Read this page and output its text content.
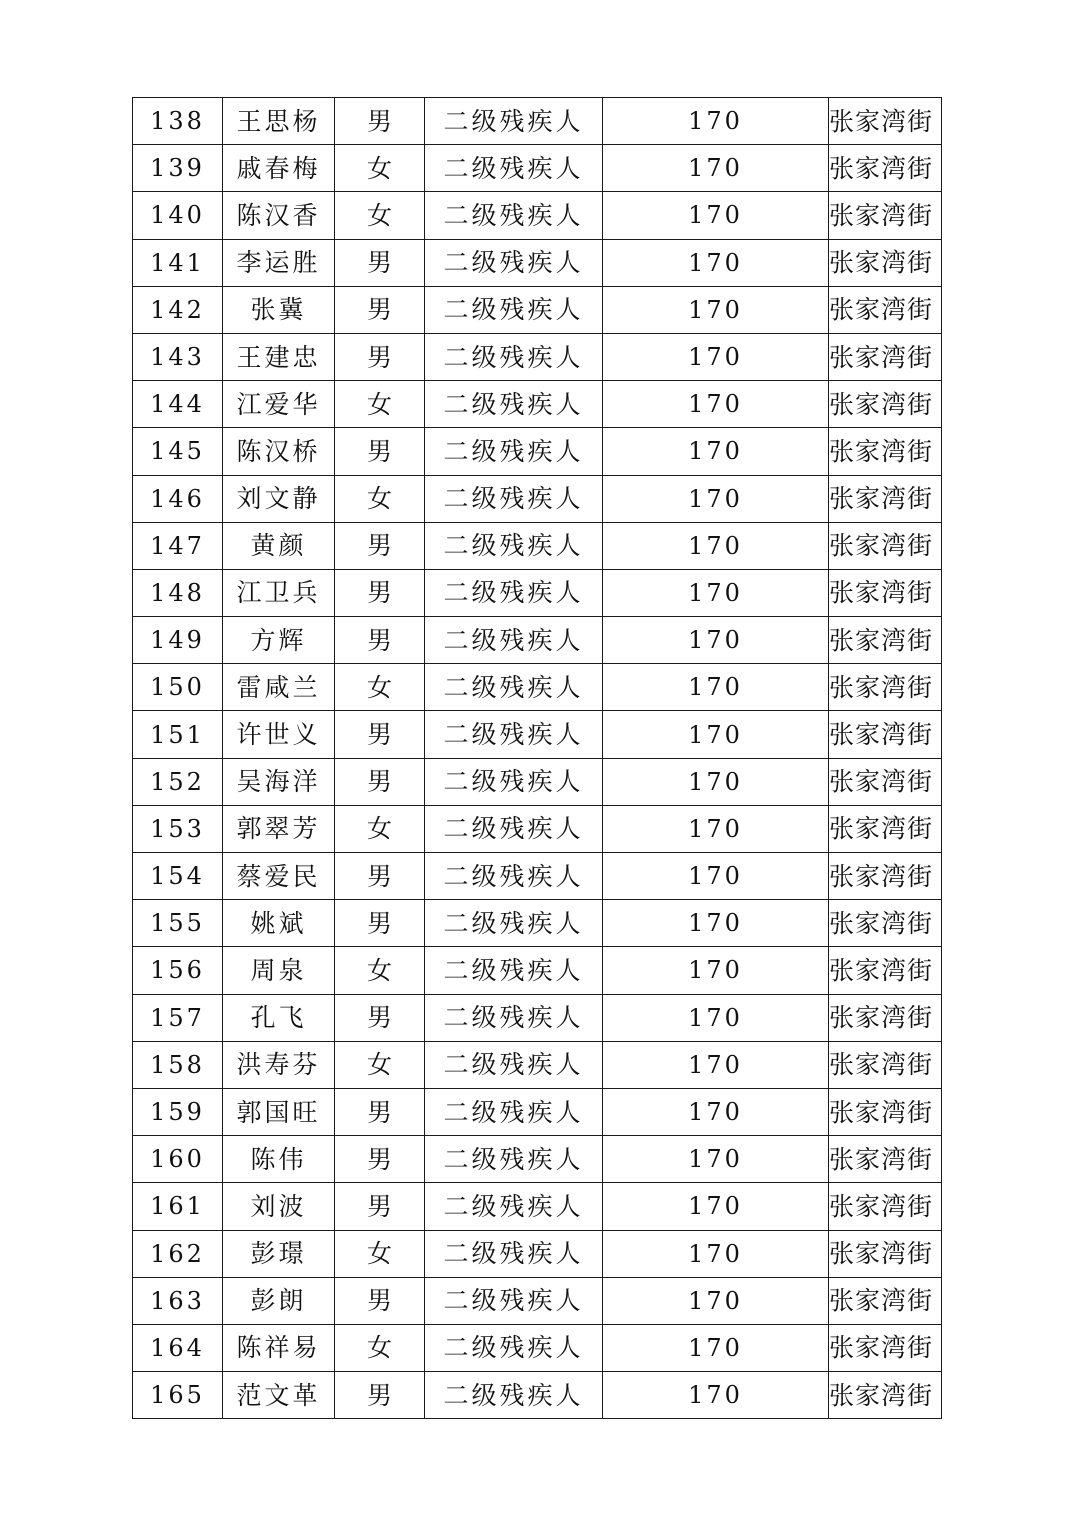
138	王思杨	男	二级残疾人	170	张家湾街
139	戚春梅	女	二级残疾人	170	张家湾街
140	陈汉香	女	二级残疾人	170	张家湾街
141	李运胜	男	二级残疾人	170	张家湾街
142	张冀	男	二级残疾人	170	张家湾街
143	王建忠	男	二级残疾人	170	张家湾街
144	江爱华	女	二级残疾人	170	张家湾街
145	陈汉桥	男	二级残疾人	170	张家湾街
146	刘文静	女	二级残疾人	170	张家湾街
147	黄颜	男	二级残疾人	170	张家湾街
148	江卫兵	男	二级残疾人	170	张家湾街
149	方辉	男	二级残疾人	170	张家湾街
150	雷咸兰	女	二级残疾人	170	张家湾街
151	许世义	男	二级残疾人	170	张家湾街
152	吴海洋	男	二级残疾人	170	张家湾街
153	郭翠芳	女	二级残疾人	170	张家湾街
154	蔡爱民	男	二级残疾人	170	张家湾街
155	姚斌	男	二级残疾人	170	张家湾街
156	周泉	女	二级残疾人	170	张家湾街
157	孔飞	男	二级残疾人	170	张家湾街
158	洪寿芬	女	二级残疾人	170	张家湾街
159	郭国旺	男	二级残疾人	170	张家湾街
160	陈伟	男	二级残疾人	170	张家湾街
161	刘波	男	二级残疾人	170	张家湾街
162	彭璟	女	二级残疾人	170	张家湾街
163	彭朗	男	二级残疾人	170	张家湾街
164	陈祥易	女	二级残疾人	170	张家湾街
165	范文革	男	二级残疾人	170	张家湾街
